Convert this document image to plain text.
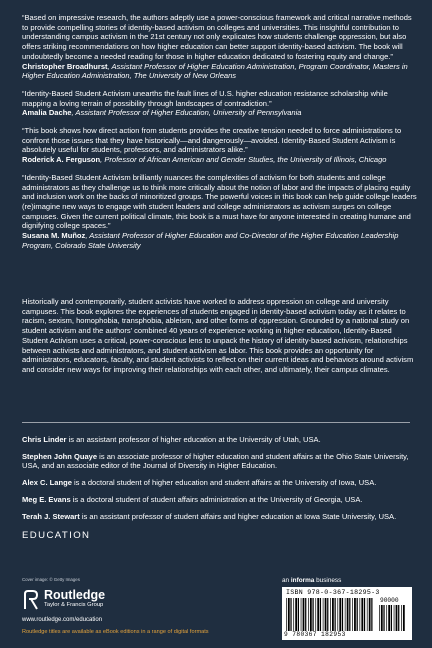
“Based on impressive research, the authors adeptly use a power-conscious framework and critical narrative methods to provide compelling stories of identity-based activism on colleges and universities. This insightful contribution to understanding campus activism in the 21st century not only explicates how students challenge oppression, but also offers striking recommendations on how higher education can better support identity-based activism. The book will undoubtedly become a needed reading for those in higher education dedicated to fostering equity and change.”

Christopher Broadhurst, Assistant Professor of Higher Education Administration, Program Coordinator, Masters in Higher Education Administration, The University of New Orleans

“Identity-Based Student Activism unearths the fault lines of U.S. higher education resistance scholarship while mapping a loving terrain of possibility through landscapes of contradiction.”

Amalia Dache, Assistant Professor of Higher Education, University of Pennsylvania

“This book shows how direct action from students provides the creative tension needed to force administrations to confront those issues that they have historically—and dangerously—avoided. Identity-Based Student Activism is absolutely useful for students, professors, and administrators alike.”

Roderick A. Ferguson, Professor of African American and Gender Studies, the University of Illinois, Chicago

“Identity-Based Student Activism brilliantly nuances the complexities of activism for both students and college administrators as they challenge us to think more critically about the notion of labor and the impacts of placing equity and inclusion work on the backs of minoritized groups. The powerful voices in this book can help guide college leaders (re)imagine new ways to engage with student leaders and college administrators as activism surges on college campuses. Given the current political climate, this book is a must have for anyone interested in creating humane and dignifying college spaces.”

Susana M. Muñoz, Assistant Professor of Higher Education and Co-Director of the Higher Education Leadership Program, Colorado State University

Historically and contemporarily, student activists have worked to address oppression on college and university campuses. This book explores the experiences of students engaged in identity-based activism today as it relates to racism, sexism, homophobia, transphobia, ableism, and other forms of oppression. Grounded by a national study on student activism and the authors’ combined 40 years of experience working in higher education, Identity-Based Student Activism uses a critical, power-conscious lens to unpack the history of identity-based activism, relationships between activists and administrators, and student activism as labor. This book provides an opportunity for administrators, educators, faculty, and student activists to reflect on their current ideas and behaviors around activism and consider new ways for improving their relationships with each other, and ultimately, their campus climates.

Chris Linder is an assistant professor of higher education at the University of Utah, USA.

Stephen John Quaye is an associate professor of higher education and student affairs at the Ohio State University, USA, and an associate editor of the Journal of Diversity in Higher Education.

Alex C. Lange is a doctoral student of higher education and student affairs at the University of Iowa, USA.

Meg E. Evans is a doctoral student of student affairs administration at the University of Georgia, USA.

Terah J. Stewart is an assistant professor of student affairs and higher education at Iowa State University, USA.

EDUCATION
Cover image: © Getty Images
Routledge
Taylor & Francis Group
www.routledge.com/education
Routledge titles are available as eBook editions in a range of digital formats
an informa business
ISBN 978-0-367-18295-3
9 780367 182953
90000
